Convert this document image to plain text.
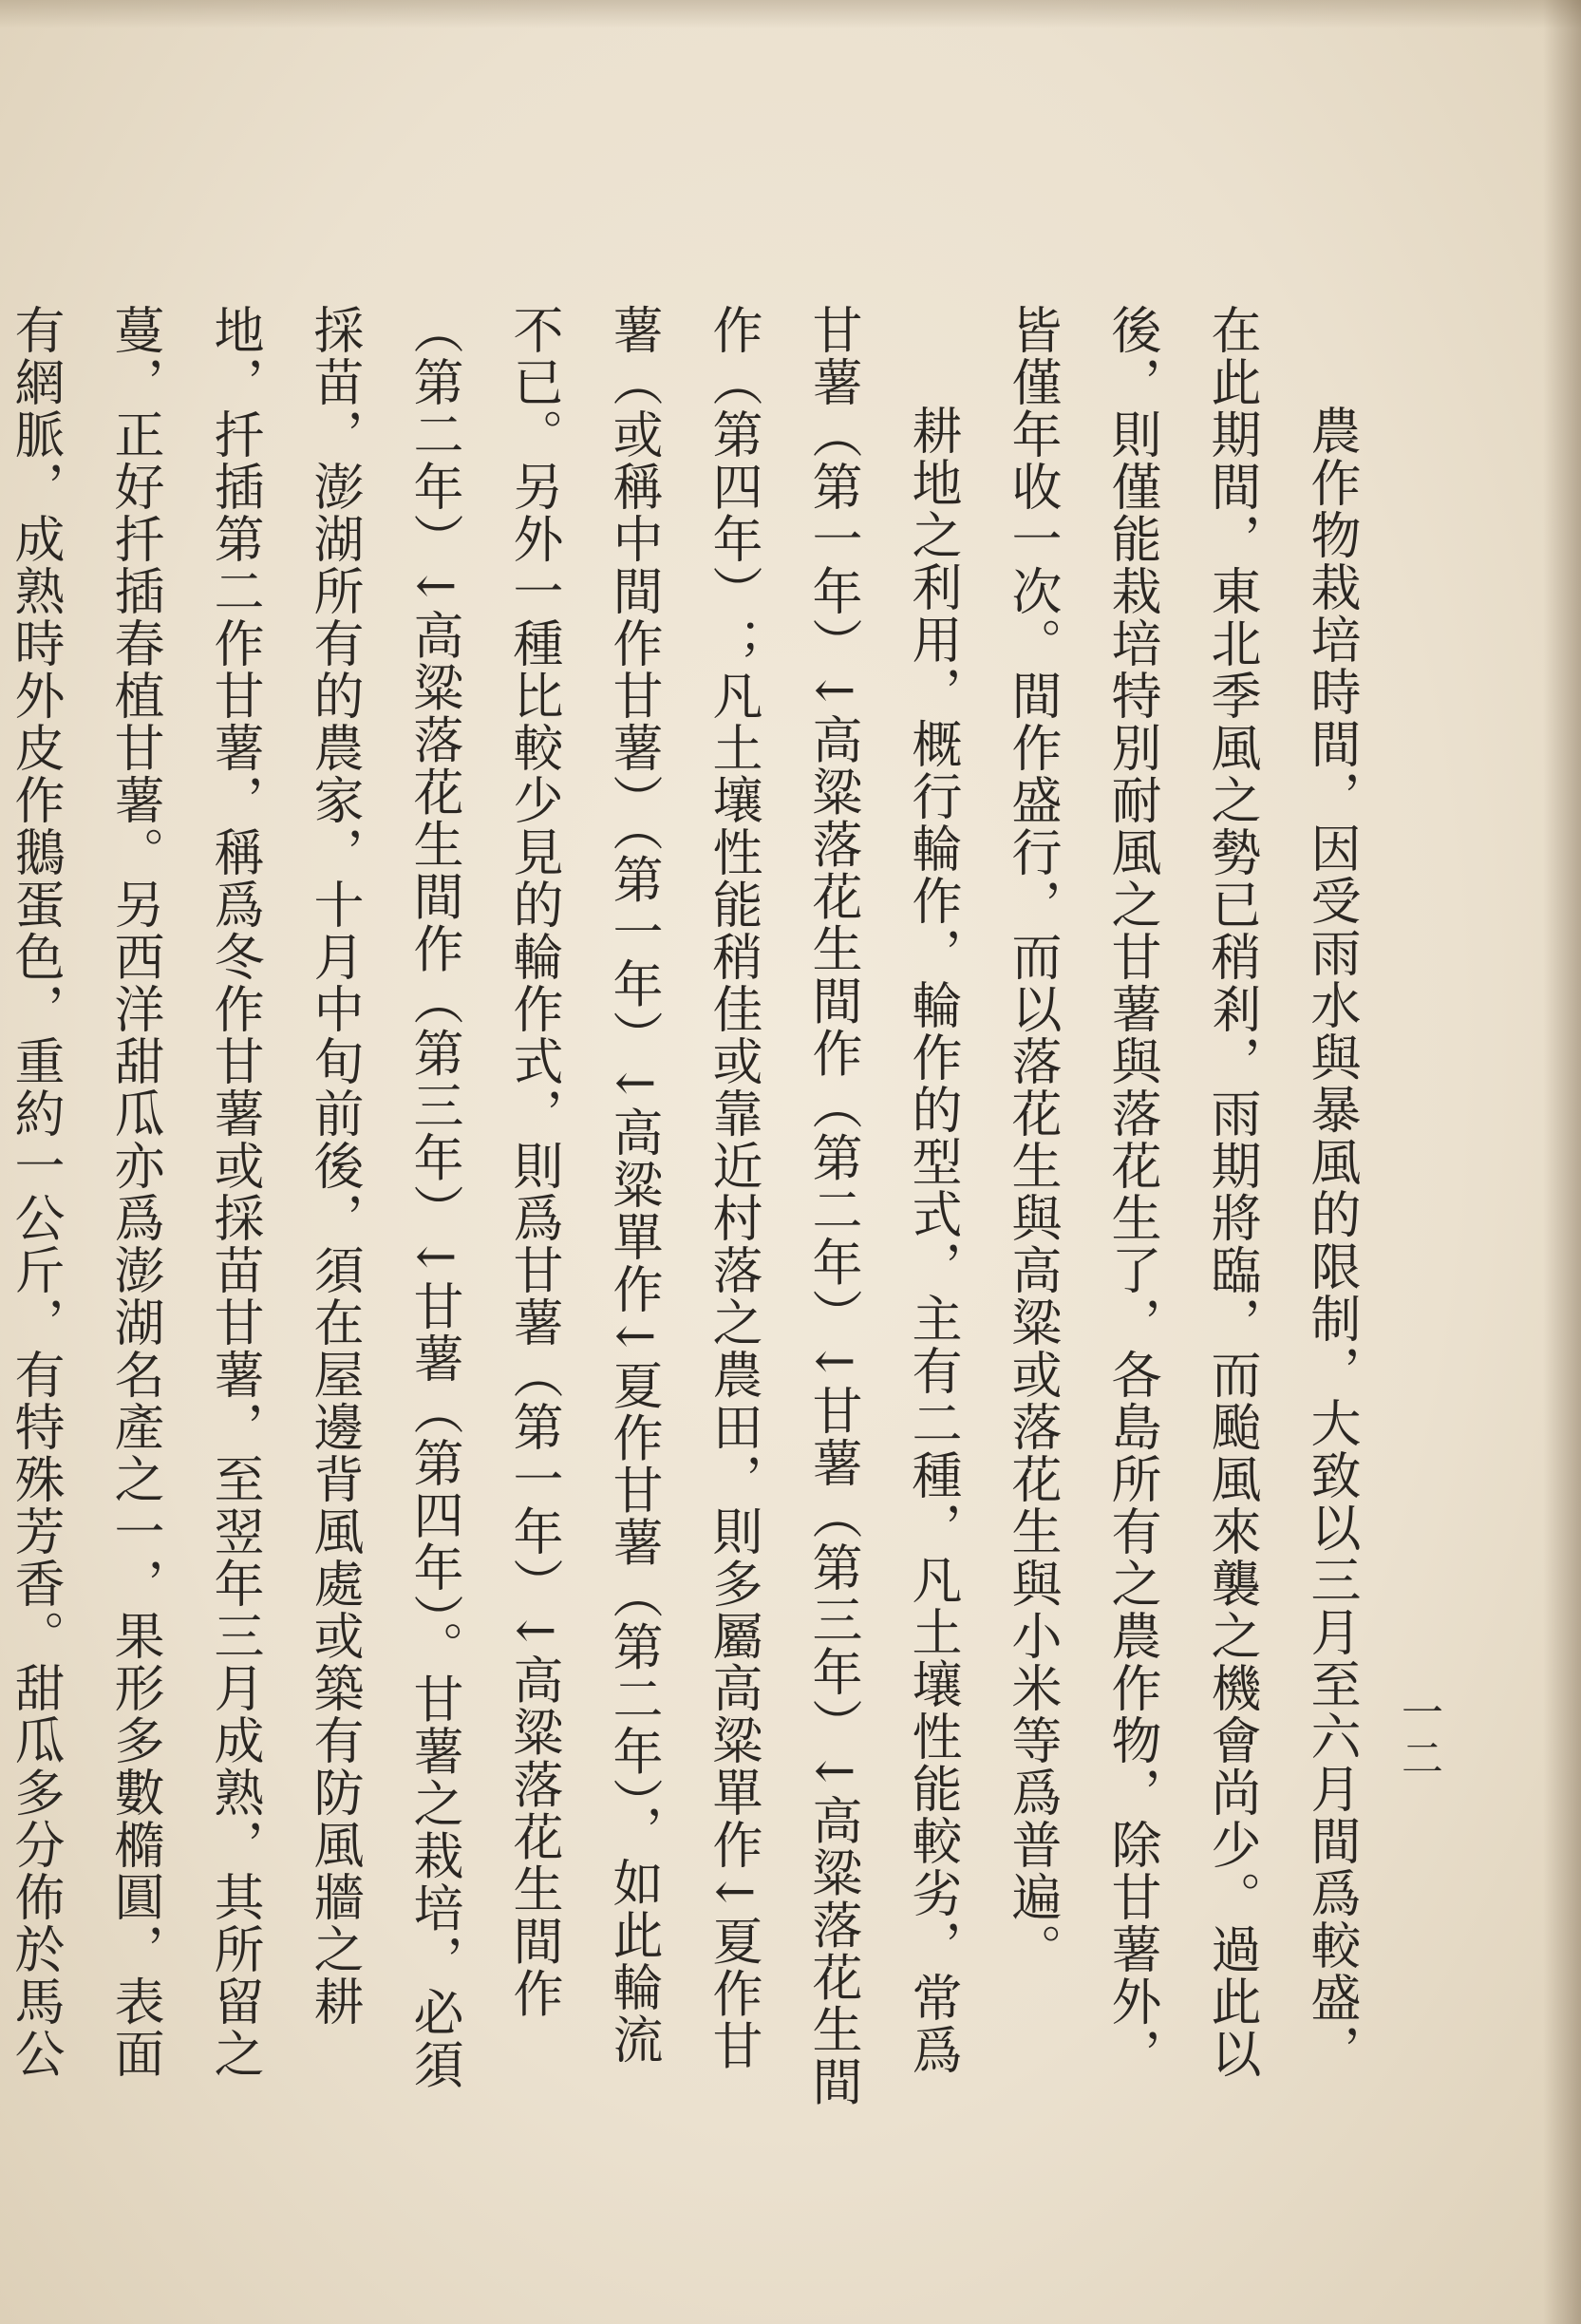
一二

農作物栽培時間，因受雨水與暴風的限制，大致以三月至六月間爲較盛，在此期間，東北季風之勢已稍剎，雨期將臨，而颱風來襲之機會尚少。過此以後，則僅能栽培特別耐風之甘薯與落花生了，各島所有之農作物，除甘薯外，皆僅年收一次。間作盛行，而以落花生與高粱或落花生與小米等爲普遍。

耕地之利用，概行輪作，輪作的型式，主有二種，凡土壤性能較劣，常爲甘薯（第一年）↓高粱落花生間作（第二年）↓甘薯（第三年）↓高粱落花生間作（第四年）；凡土壤性能稍佳或靠近村落之農田，則多屬高粱單作↓夏作甘薯（或稱中間作甘薯）（第一年）↓高粱單作↓夏作甘薯（第二年），如此輪流不已。另外一種比較少見的輪作式，則爲甘薯（第一年）↓高粱落花生間作（第二年）↓高粱落花生間作（第三年）↓甘薯（第四年）。甘薯之栽培，必須採苗，澎湖所有的農家，十月中旬前後，須在屋邊背風處或築有防風牆之耕地，扦插第二作甘薯，稱爲冬作甘薯或採苗甘薯，至翌年三月成熟，其所留之蔓，正好扦插春植甘薯。另西洋甜瓜亦爲澎湖名產之一，果形多數橢圓，表面有網脈，成熟時外皮作鵝蛋色，重約一公斤，有特殊芳香。甜瓜多分佈於馬公
